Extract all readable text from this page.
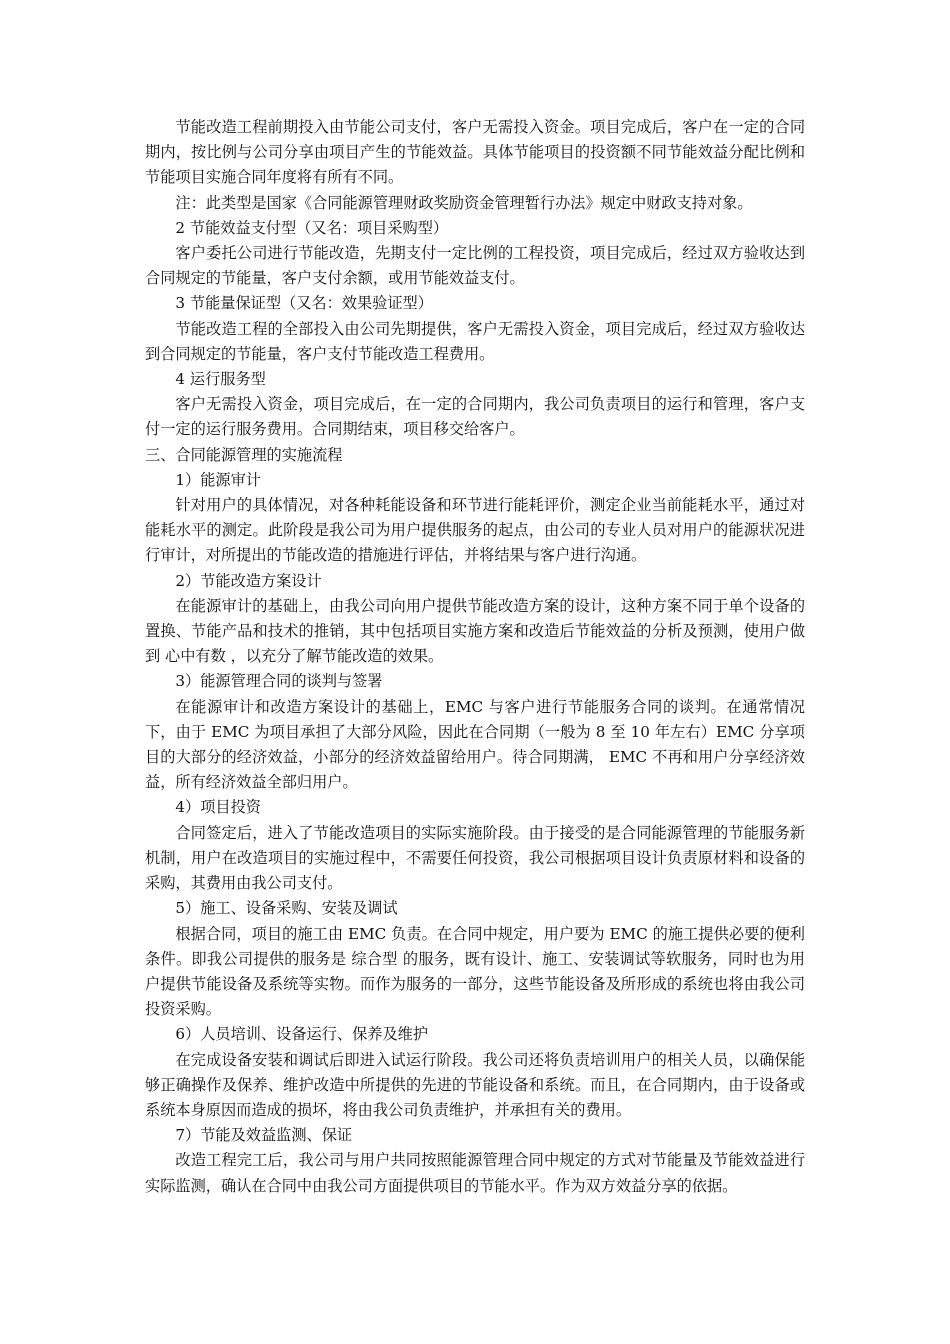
节能改造工程前期投入由节能公司支付，客户无需投入资金。项目完成后，客户在一定的合同期内，按比例与公司分享由项目产生的节能效益。具体节能项目的投资额不同节能效益分配比例和节能项目实施合同年度将有所有不同。

注：此类型是国家《合同能源管理财政奖励资金管理暂行办法》规定中财政支持对象。

2 节能效益支付型（又名：项目采购型）

客户委托公司进行节能改造，先期支付一定比例的工程投资，项目完成后，经过双方验收达到合同规定的节能量，客户支付余额，或用节能效益支付。

3 节能量保证型（又名：效果验证型）

节能改造工程的全部投入由公司先期提供，客户无需投入资金，项目完成后，经过双方验收达到合同规定的节能量，客户支付节能改造工程费用。

4 运行服务型

客户无需投入资金，项目完成后，在一定的合同期内，我公司负责项目的运行和管理，客户支付一定的运行服务费用。合同期结束，项目移交给客户。

三、合同能源管理的实施流程

1）能源审计

针对用户的具体情况，对各种耗能设备和环节进行能耗评价，测定企业当前能耗水平，通过对能耗水平的测定。此阶段是我公司为用户提供服务的起点，由公司的专业人员对用户的能源状况进行审计，对所提出的节能改造的措施进行评估，并将结果与客户进行沟通。

2）节能改造方案设计

在能源审计的基础上，由我公司向用户提供节能改造方案的设计，这种方案不同于单个设备的置换、节能产品和技术的推销，其中包括项目实施方案和改造后节能效益的分析及预测，使用户做到 心中有数 ，以充分了解节能改造的效果。

3）能源管理合同的谈判与签署

在能源审计和改造方案设计的基础上，EMC 与客户进行节能服务合同的谈判。在通常情况下，由于 EMC 为项目承担了大部分风险，因此在合同期（一般为 8 至 10 年左右）EMC 分享项目的大部分的经济效益，小部分的经济效益留给用户。待合同期满， EMC 不再和用户分享经济效益，所有经济效益全部归用户。

4）项目投资

合同签定后，进入了节能改造项目的实际实施阶段。由于接受的是合同能源管理的节能服务新机制，用户在改造项目的实施过程中，不需要任何投资，我公司根据项目设计负责原材料和设备的采购，其费用由我公司支付。

5）施工、设备采购、安装及调试

根据合同，项目的施工由 EMC 负责。在合同中规定，用户要为 EMC 的施工提供必要的便利条件。即我公司提供的服务是 综合型 的服务，既有设计、施工、安装调试等软服务，同时也为用户提供节能设备及系统等实物。而作为服务的一部分，这些节能设备及所形成的系统也将由我公司投资采购。

6）人员培训、设备运行、保养及维护

在完成设备安装和调试后即进入试运行阶段。我公司还将负责培训用户的相关人员，以确保能够正确操作及保养、维护改造中所提供的先进的节能设备和系统。而且，在合同期内，由于设备或系统本身原因而造成的损坏，将由我公司负责维护，并承担有关的费用。

7）节能及效益监测、保证

改造工程完工后，我公司与用户共同按照能源管理合同中规定的方式对节能量及节能效益进行实际监测，确认在合同中由我公司方面提供项目的节能水平。作为双方效益分享的依据。
